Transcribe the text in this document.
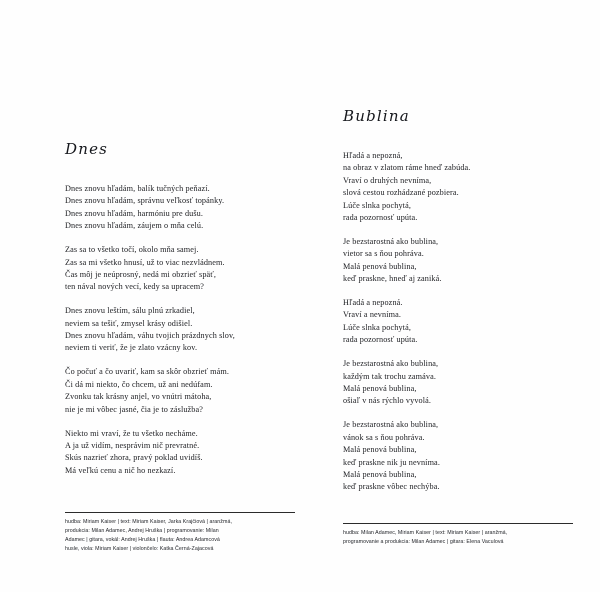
Dnes

Dnes znovu hľadám, balík tučných peňazí.
Dnes znovu hľadám, správnu veľkosť topánky.
Dnes znovu hľadám, harmóniu pre dušu.
Dnes znovu hľadám, záujem o mňa celú.

Zas sa to všetko točí, okolo mňa samej.
Zas sa mi všetko hnusí, už to viac nezvládnem.
Čas môj je neúprosný, nedá mi obzrieť späť,
ten nával nových vecí, kedy sa upracem?

Dnes znovu leštím, sálu plnú zrkadiel,
neviem sa tešiť, zmysel krásy odišiel.
Dnes znovu hľadám, váhu tvojich prázdnych slov,
neviem ti veriť, že je zlato vzácny kov.

Čo počuť a čo uvariť, kam sa skôr obzrieť mám.
Či dá mi niekto, čo chcem, už ani nedúfam.
Zvonku tak krásny anjel, vo vnútri mátoha,
nie je mi vôbec jasné, čia je to záslužba?

Niekto mi vraví, že tu všetko necháme.
A ja už vidím, nesprávim nič prevratné.
Skús nazrieť zhora, pravý poklad uvidíš.
Má veľkú cenu a nič ho nezkazí.

hudba: Miriam Kaiser | text: Miriam Kaiser, Jarka Krajčiová | aranžmá,
produkcia: Milan Adamec, Andrej Hruška | programovanie: Milan
Adamec | gitara, vokál: Andrej Hruška | flauta: Andrea Adamcová
husle, viola: Miriam Kaiser | violončelo: Katka Černá-Zajacová
Bublina

Hľadá a nepozná,
na obraz v zlatom ráme hneď zabúda.
Vraví o druhých nevníma,
slová cestou rozhádzané pozbiera.
Lúče slnka pochytá,
rada pozornosť upúta.

Je bezstarostná ako bublina,
vietor sa s ňou pohráva.
Malá penová bublina,
keď praskne, hneď aj zaniká.

Hľadá a nepozná.
Vraví a nevníma.
Lúče slnka pochytá,
rada pozornosť upúta.

Je bezstarostná ako bublina,
každým tak trochu zamáva.
Malá penová bublina,
ošiaľ v nás rýchlo vyvolá.

Je bezstarostná ako bublina,
vánok sa s ňou pohráva.
Malá penová bublina,
keď praskne nik ju nevníma.
Malá penová bublina,
keď praskne vôbec nechýba.

hudba: Milan Adamec, Miriam Kaiser | text: Miriam Kaiser | aranžmá,
programovanie a produkcia: Milan Adamec | gitara: Elena Vaculová
